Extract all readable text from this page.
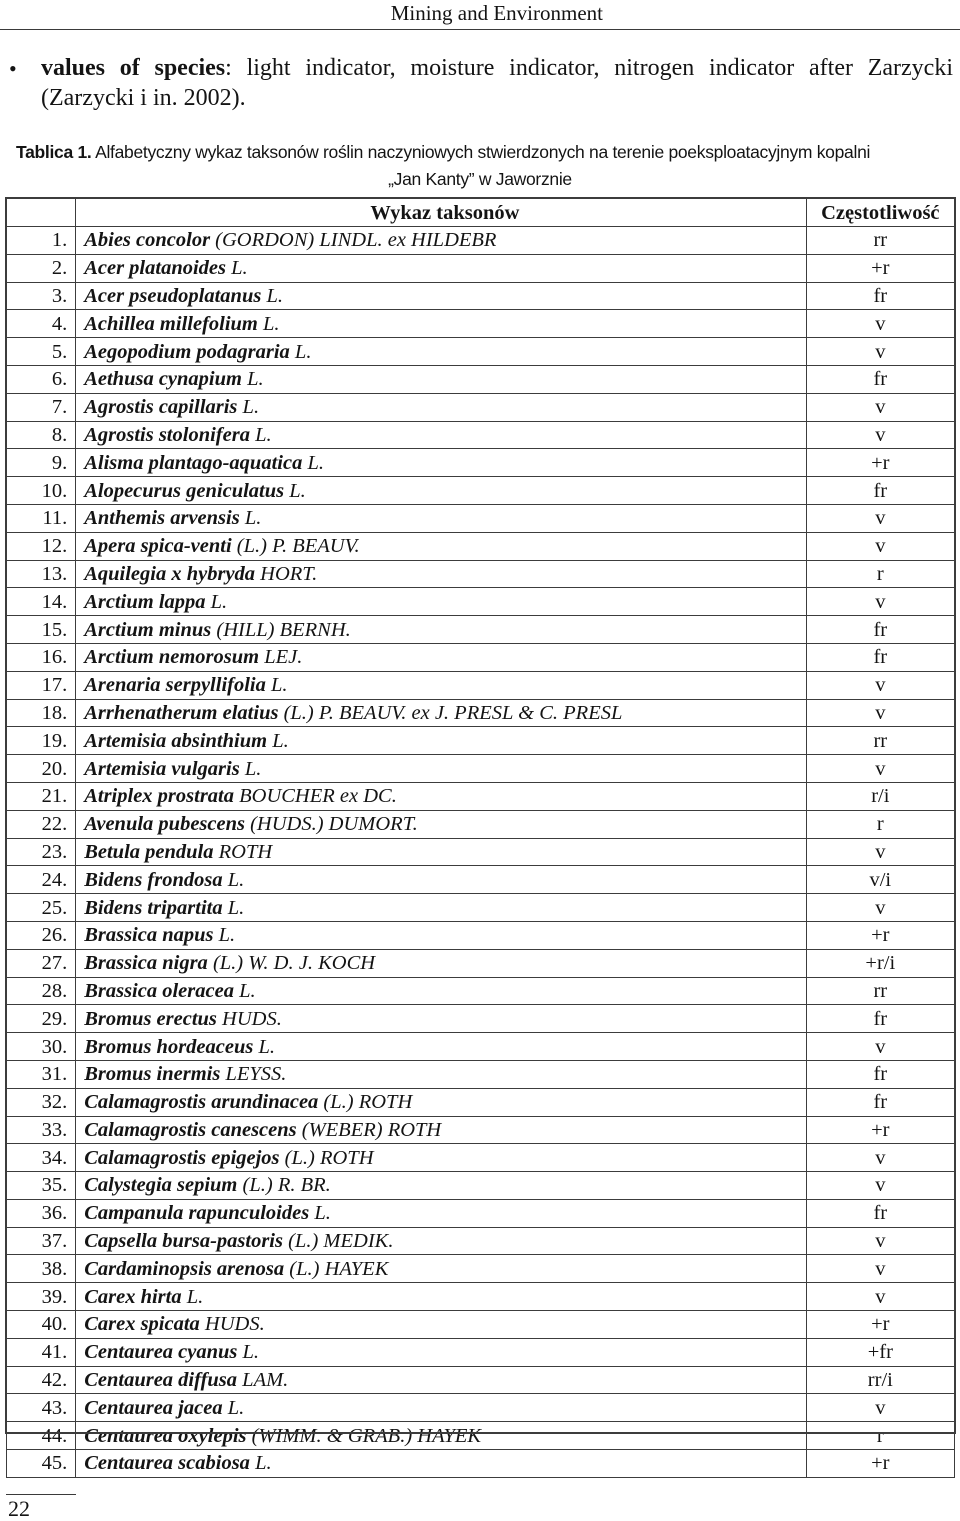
Mining and Environment
• values of species: light indicator, moisture indicator, nitrogen indicator after Zarzycki (Zarzycki i in. 2002).
Tablica 1. Alfabetyczny wykaz taksonów roślin naczyniowych stwierdzonych na terenie poeksploatacyjnym kopalni
„Jan Kanty” w Jaworznie
	Wykaz taksonów	Częstotliwość
1.	Abies concolor (GORDON) LINDL. ex HILDEBR	rr
2.	Acer platanoides L.	+r
3.	Acer pseudoplatanus L.	fr
4.	Achillea millefolium L.	v
5.	Aegopodium podagraria L.	v
6.	Aethusa cynapium L.	fr
7.	Agrostis capillaris L.	v
8.	Agrostis stolonifera L.	v
9.	Alisma plantago-aquatica L.	+r
10.	Alopecurus geniculatus L.	fr
11.	Anthemis arvensis L.	v
12.	Apera spica-venti (L.) P. BEAUV.	v
13.	Aquilegia x hybryda HORT.	r
14.	Arctium lappa L.	v
15.	Arctium minus (HILL) BERNH.	fr
16.	Arctium nemorosum LEJ.	fr
17.	Arenaria serpyllifolia L.	v
18.	Arrhenatherum elatius (L.) P. BEAUV. ex J. PRESL & C. PRESL	v
19.	Artemisia absinthium L.	rr
20.	Artemisia vulgaris L.	v
21.	Atriplex prostrata BOUCHER ex DC.	r/i
22.	Avenula pubescens (HUDS.) DUMORT.	r
23.	Betula pendula ROTH	v
24.	Bidens frondosa L.	v/i
25.	Bidens tripartita L.	v
26.	Brassica napus L.	+r
27.	Brassica nigra (L.) W. D. J. KOCH	+r/i
28.	Brassica oleracea L.	rr
29.	Bromus erectus HUDS.	fr
30.	Bromus hordeaceus L.	v
31.	Bromus inermis LEYSS.	fr
32.	Calamagrostis arundinacea (L.) ROTH	fr
33.	Calamagrostis canescens (WEBER) ROTH	+r
34.	Calamagrostis epigejos (L.) ROTH	v
35.	Calystegia sepium (L.) R. BR.	v
36.	Campanula rapunculoides L.	fr
37.	Capsella bursa-pastoris (L.) MEDIK.	v
38.	Cardaminopsis arenosa (L.) HAYEK	v
39.	Carex hirta L.	v
40.	Carex spicata HUDS.	+r
41.	Centaurea cyanus L.	+fr
42.	Centaurea diffusa LAM.	rr/i
43.	Centaurea jacea L.	v
44.	Centaurea oxylepis (WIMM. & GRAB.) HAYEK	r
45.	Centaurea scabiosa L.	+r
22
